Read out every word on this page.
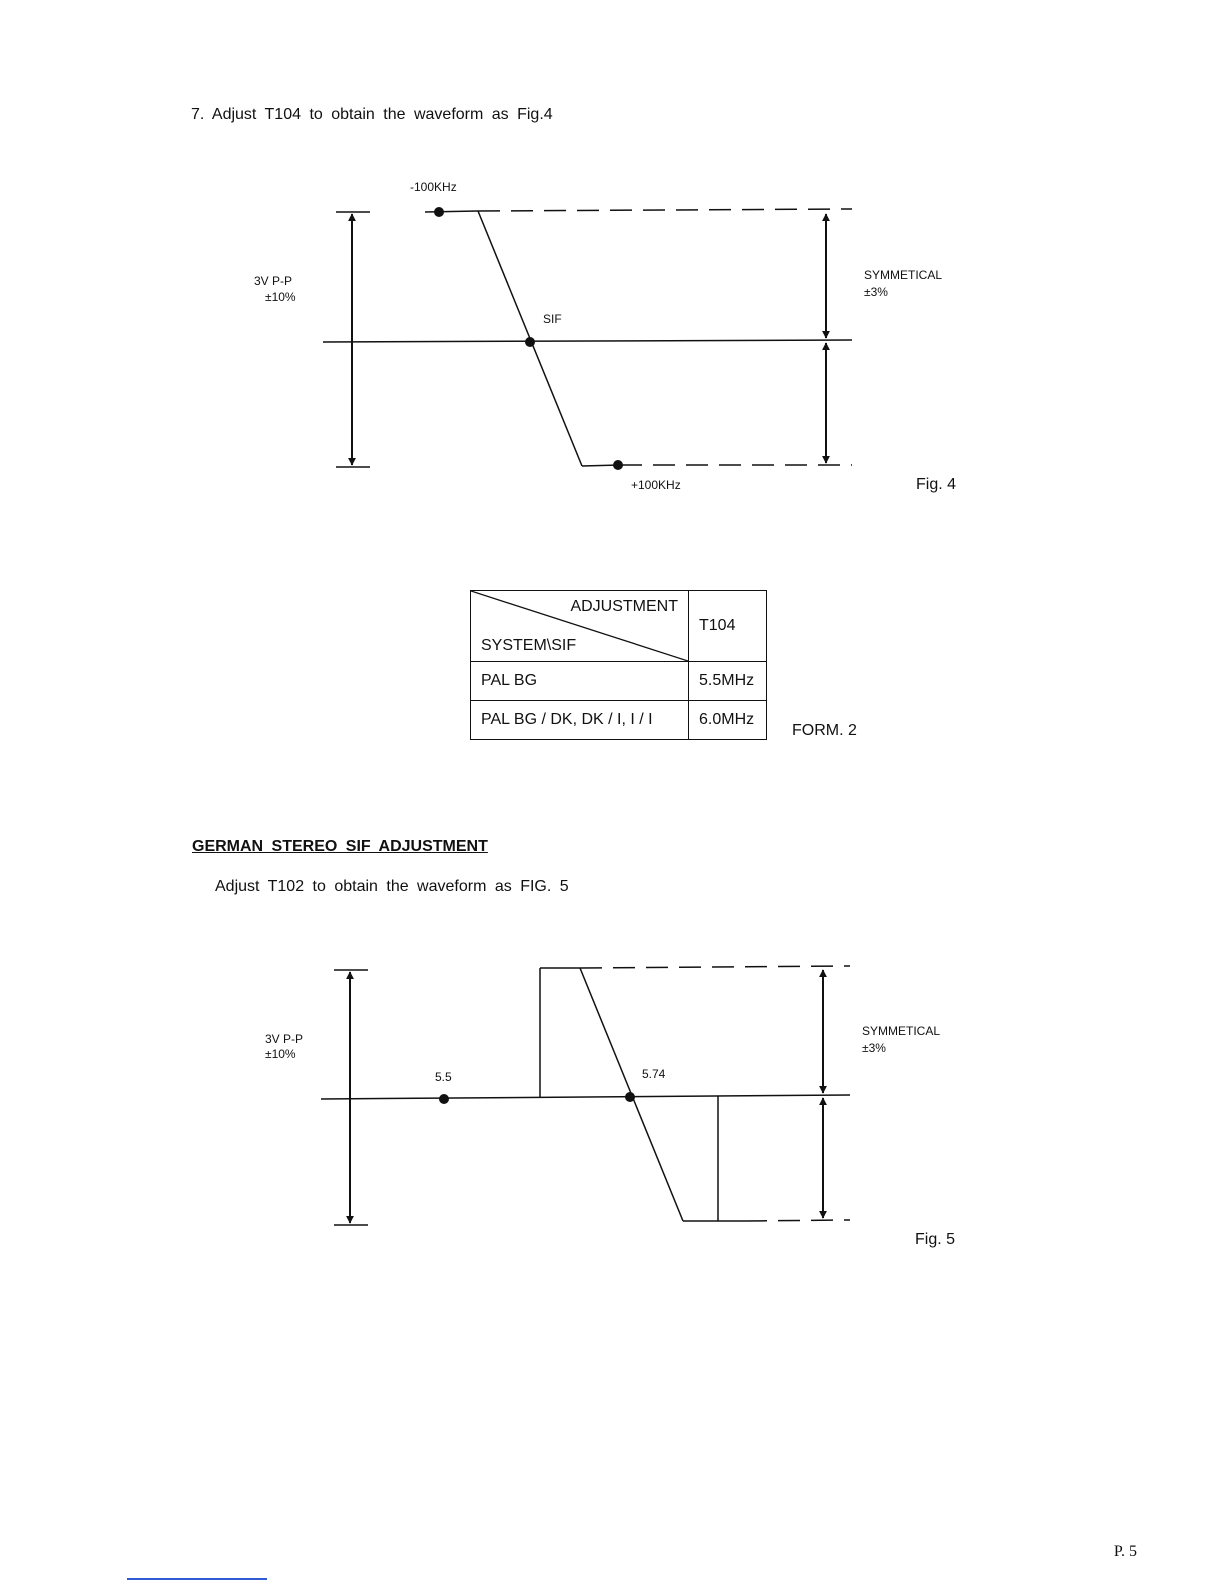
7. Adjust T104 to obtain the waveform as Fig.4
-100KHz
SIF
+100KHz
3V P-P
±10%
SYMMETICAL
±3%
Fig. 4
ADJUSTMENT
SYSTEM\SIF	T104
PAL BG	5.5MHz
PAL BG / DK, DK / I, I / I	6.0MHz
FORM. 2
GERMAN STEREO SIF ADJUSTMENT
Adjust T102 to obtain the waveform as FIG. 5
5.5	5.74
3V P-P
±10%
SYMMETICAL
±3%
Fig. 5
P. 5
